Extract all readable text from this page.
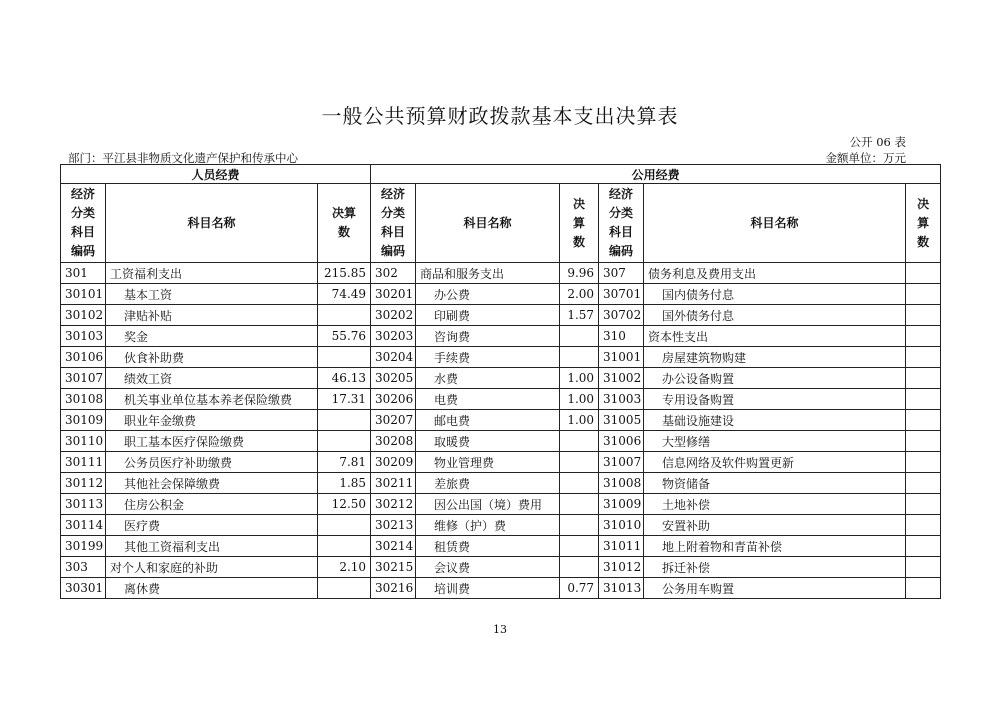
一般公共预算财政拨款基本支出决算表
公开 06 表
部门：平江县非物质文化遗产保护和传承中心	金额单位：万元
人员经费			公用经费					

经济分类科目编码	科目名称	决算数	经济分类科目编码	科目名称	决算数	经济分类科目编码	科目名称	决算数

301	工资福利支出	215.85	302	商品和服务支出	9.96	307	债务利息及费用支出	
30101	基本工资	74.49	30201	办公费	2.00	30701	国内债务付息	
30102	津贴补贴		30202	印刷费	1.57	30702	国外债务付息	
30103	奖金	55.76	30203	咨询费		310	资本性支出	
30106	伙食补助费		30204	手续费		31001	房屋建筑物购建	
30107	绩效工资	46.13	30205	水费	1.00	31002	办公设备购置	
30108	机关事业单位基本养老保险缴费	17.31	30206	电费	1.00	31003	专用设备购置	
30109	职业年金缴费		30207	邮电费	1.00	31005	基础设施建设	
30110	职工基本医疗保险缴费		30208	取暖费		31006	大型修缮	
30111	公务员医疗补助缴费	7.81	30209	物业管理费		31007	信息网络及软件购置更新	
30112	其他社会保障缴费	1.85	30211	差旅费		31008	物资储备	
30113	住房公积金	12.50	30212	因公出国（境）费用		31009	土地补偿	
30114	医疗费		30213	维修（护）费		31010	安置补助	
30199	其他工资福利支出		30214	租赁费		31011	地上附着物和青苗补偿	
303	对个人和家庭的补助	2.10	30215	会议费		31012	拆迁补偿	
30301	离休费		30216	培训费	0.77	31013	公务用车购置	
13
